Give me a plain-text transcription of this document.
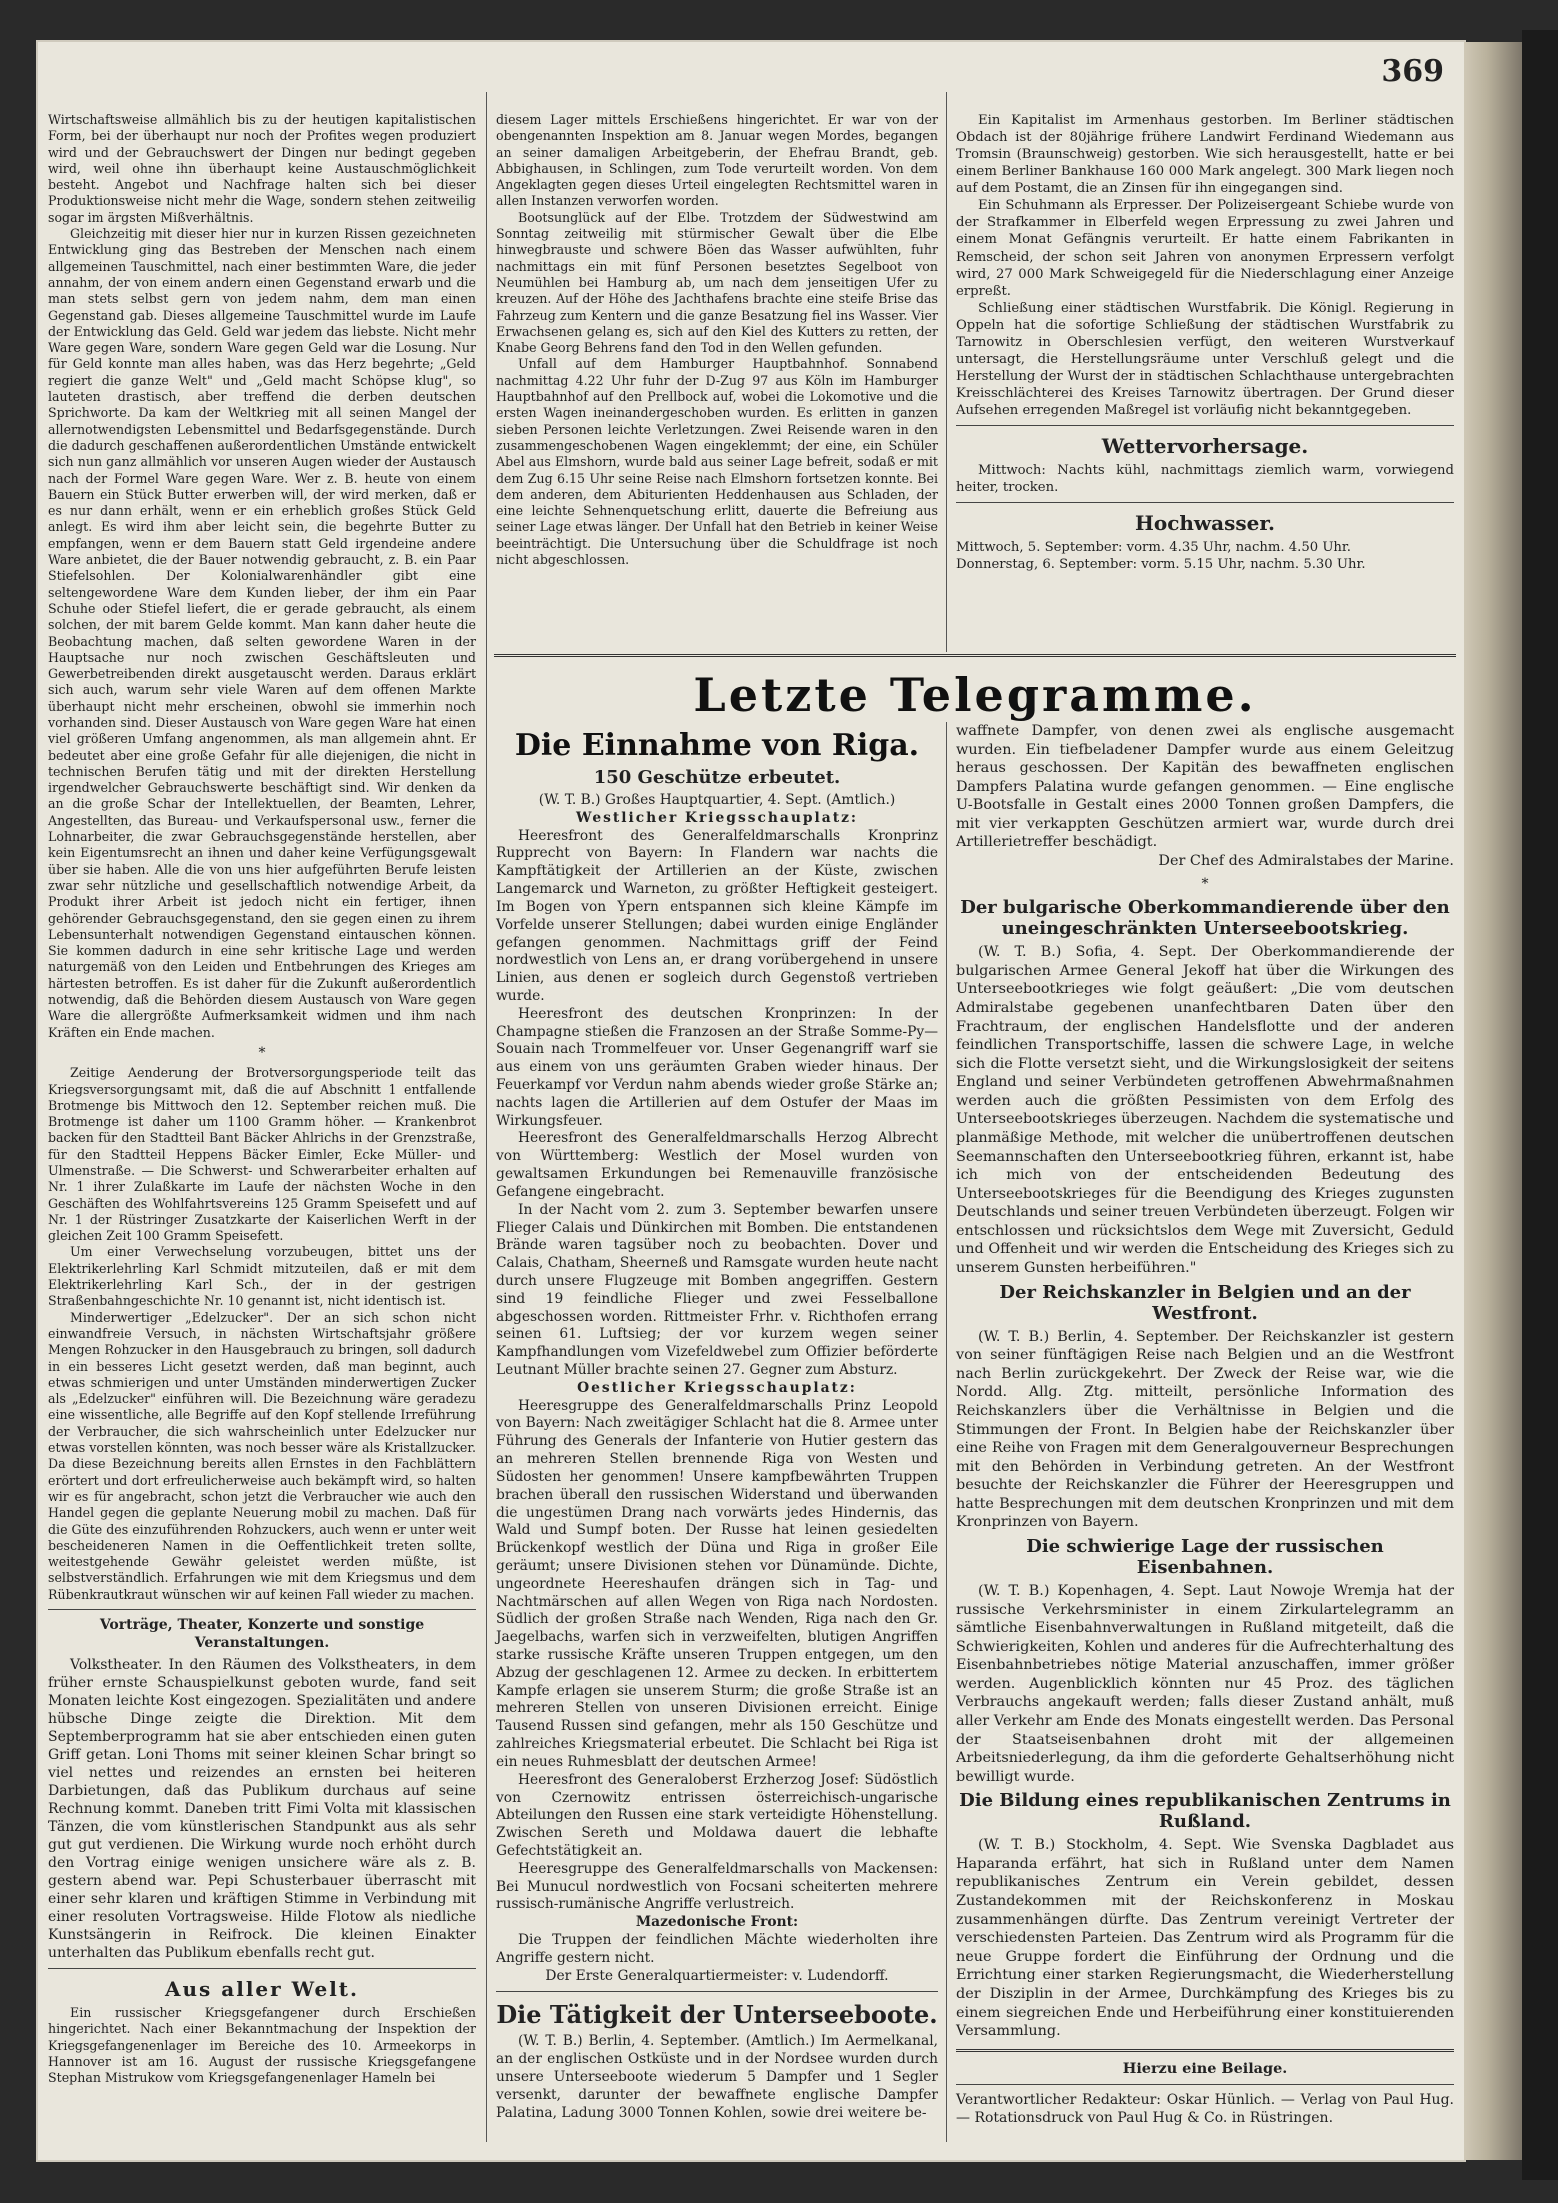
369

Wirtschaftsweise allmählich bis zu der heutigen kapitalistischen Form, bei der überhaupt nur noch der Profites wegen produziert wird und der Gebrauchswert der Dingen nur bedingt gegeben wird, weil ohne ihn überhaupt keine Austauschmöglichkeit besteht. Angebot und Nachfrage halten sich bei dieser Produktionsweise nicht mehr die Wage, sondern stehen zeitweilig sogar im ärgsten Mißverhältnis.

Gleichzeitig mit dieser hier nur in kurzen Rissen gezeichneten Entwicklung ging das Bestreben der Menschen nach einem allgemeinen Tauschmittel, nach einer bestimmten Ware, die jeder annahm, der von einem andern einen Gegenstand erwarb und die man stets selbst gern von jedem nahm, dem man einen Gegenstand gab. Dieses allgemeine Tauschmittel wurde im Laufe der Entwicklung das Geld. Geld war jedem das liebste. Nicht mehr Ware gegen Ware, sondern Ware gegen Geld war die Losung. Nur für Geld konnte man alles haben, was das Herz begehrte; „Geld regiert die ganze Welt" und „Geld macht Schöpse klug", so lauteten drastisch, aber treffend die derben deutschen Sprichworte. Da kam der Weltkrieg mit all seinen Mangel der allernotwendigsten Lebensmittel und Bedarfsgegenstände. Durch die dadurch geschaffenen außerordentlichen Umstände entwickelt sich nun ganz allmählich vor unseren Augen wieder der Austausch nach der Formel Ware gegen Ware. Wer z. B. heute von einem Bauern ein Stück Butter erwerben will, der wird merken, daß er es nur dann erhält, wenn er ein erheblich großes Stück Geld anlegt. Es wird ihm aber leicht sein, die begehrte Butter zu empfangen, wenn er dem Bauern statt Geld irgendeine andere Ware anbietet, die der Bauer notwendig gebraucht, z. B. ein Paar Stiefelsohlen. Der Kolonialwarenhändler gibt eine seltengewordene Ware dem Kunden lieber, der ihm ein Paar Schuhe oder Stiefel liefert, die er gerade gebraucht, als einem solchen, der mit barem Gelde kommt. Man kann daher heute die Beobachtung machen, daß selten gewordene Waren in der Hauptsache nur noch zwischen Geschäftsleuten und Gewerbetreibenden direkt ausgetauscht werden. Daraus erklärt sich auch, warum sehr viele Waren auf dem offenen Markte überhaupt nicht mehr erscheinen, obwohl sie immerhin noch vorhanden sind. Dieser Austausch von Ware gegen Ware hat einen viel größeren Umfang angenommen, als man allgemein ahnt. Er bedeutet aber eine große Gefahr für alle diejenigen, die nicht in technischen Berufen tätig und mit der direkten Herstellung irgendwelcher Gebrauchswerte beschäftigt sind. Wir denken da an die große Schar der Intellektuellen, der Beamten, Lehrer, Angestellten, das Bureau- und Verkaufspersonal usw., ferner die Lohnarbeiter, die zwar Gebrauchsgegenstände herstellen, aber kein Eigentumsrecht an ihnen und daher keine Verfügungsgewalt über sie haben. Alle die von uns hier aufgeführten Berufe leisten zwar sehr nützliche und gesellschaftlich notwendige Arbeit, da Produkt ihrer Arbeit ist jedoch nicht ein fertiger, ihnen gehörender Gebrauchsgegenstand, den sie gegen einen zu ihrem Lebensunterhalt notwendigen Gegenstand eintauschen können. Sie kommen dadurch in eine sehr kritische Lage und werden naturgemäß von den Leiden und Entbehrungen des Krieges am härtesten betroffen. Es ist daher für die Zukunft außerordentlich notwendig, daß die Behörden diesem Austausch von Ware gegen Ware die allergrößte Aufmerksamkeit widmen und ihm nach Kräften ein Ende machen.

*

Zeitige Aenderung der Brotversorgungsperiode teilt das Kriegsversorgungsamt mit, daß die auf Abschnitt 1 entfallende Brotmenge bis Mittwoch den 12. September reichen muß. Die Brotmenge ist daher um 1100 Gramm höher. — Krankenbrot backen für den Stadtteil Bant Bäcker Ahlrichs in der Grenzstraße, für den Stadtteil Heppens Bäcker Eimler, Ecke Müller- und Ulmenstraße. — Die Schwerst- und Schwerarbeiter erhalten auf Nr. 1 ihrer Zulaßkarte im Laufe der nächsten Woche in den Geschäften des Wohlfahrtsvereins 125 Gramm Speisefett und auf Nr. 1 der Rüstringer Zusatzkarte der Kaiserlichen Werft in der gleichen Zeit 100 Gramm Speisefett.

Um einer Verwechselung vorzubeugen, bittet uns der Elektrikerlehrling Karl Schmidt mitzuteilen, daß er mit dem Elektrikerlehrling Karl Sch., der in der gestrigen Straßenbahngeschichte Nr. 10 genannt ist, nicht identisch ist.

Minderwertiger „Edelzucker". Der an sich schon nicht einwandfreie Versuch, in nächsten Wirtschaftsjahr größere Mengen Rohzucker in den Hausgebrauch zu bringen, soll dadurch in ein besseres Licht gesetzt werden, daß man beginnt, auch etwas schmierigen und unter Umständen minderwertigen Zucker als „Edelzucker" einführen will. Die Bezeichnung wäre geradezu eine wissentliche, alle Begriffe auf den Kopf stellende Irreführung der Verbraucher, die sich wahrscheinlich unter Edelzucker nur etwas vorstellen könnten, was noch besser wäre als Kristallzucker. Da diese Bezeichnung bereits allen Ernstes in den Fachblättern erörtert und dort erfreulicherweise auch bekämpft wird, so halten wir es für angebracht, schon jetzt die Verbraucher wie auch den Handel gegen die geplante Neuerung mobil zu machen. Daß für die Güte des einzuführenden Rohzuckers, auch wenn er unter weit bescheideneren Namen in die Oeffentlichkeit treten sollte, weitestgehende Gewähr geleistet werden müßte, ist selbstverständlich. Erfahrungen wie mit dem Kriegsmus und dem Rübenkrautkraut wünschen wir auf keinen Fall wieder zu machen.

Vorträge, Theater, Konzerte und sonstige Veranstaltungen.

Volkstheater. In den Räumen des Volkstheaters, in dem früher ernste Schauspielkunst geboten wurde, fand seit Monaten leichte Kost eingezogen. Spezialitäten und andere hübsche Dinge zeigte die Direktion. Mit dem Septemberprogramm hat sie aber entschieden einen guten Griff getan. Loni Thoms mit seiner kleinen Schar bringt so viel nettes und reizendes an ernsten bei heiteren Darbietungen, daß das Publikum durchaus auf seine Rechnung kommt. Daneben tritt Fimi Volta mit klassischen Tänzen, die vom künstlerischen Standpunkt aus als sehr gut gut verdienen. Die Wirkung wurde noch erhöht durch den Vortrag einige wenigen unsichere wäre als z. B. gestern abend war. Pepi Schusterbauer überrascht mit einer sehr klaren und kräftigen Stimme in Verbindung mit einer resoluten Vortragsweise. Hilde Flotow als niedliche Kunstsängerin in Reifrock. Die kleinen Einakter unterhalten das Publikum ebenfalls recht gut.

Aus aller Welt.

Ein russischer Kriegsgefangener durch Erschießen hingerichtet. Nach einer Bekanntmachung der Inspektion der Kriegsgefangenenlager im Bereiche des 10. Armeekorps in Hannover ist am 16. August der russische Kriegsgefangene Stephan Mistrukow vom Kriegsgefangenenlager Hameln bei

diesem Lager mittels Erschießens hingerichtet. Er war von der obengenannten Inspektion am 8. Januar wegen Mordes, begangen an seiner damaligen Arbeitgeberin, der Ehefrau Brandt, geb. Abbighausen, in Schlingen, zum Tode verurteilt worden. Von dem Angeklagten gegen dieses Urteil eingelegten Rechtsmittel waren in allen Instanzen verworfen worden.

Bootsunglück auf der Elbe. Trotzdem der Südwestwind am Sonntag zeitweilig mit stürmischer Gewalt über die Elbe hinwegbrauste und schwere Böen das Wasser aufwühlten, fuhr nachmittags ein mit fünf Personen besetztes Segelboot von Neumühlen bei Hamburg ab, um nach dem jenseitigen Ufer zu kreuzen. Auf der Höhe des Jachthafens brachte eine steife Brise das Fahrzeug zum Kentern und die ganze Besatzung fiel ins Wasser. Vier Erwachsenen gelang es, sich auf den Kiel des Kutters zu retten, der Knabe Georg Behrens fand den Tod in den Wellen gefunden.

Unfall auf dem Hamburger Hauptbahnhof. Sonnabend nachmittag 4.22 Uhr fuhr der D-Zug 97 aus Köln im Hamburger Hauptbahnhof auf den Prellbock auf, wobei die Lokomotive und die ersten Wagen ineinandergeschoben wurden. Es erlitten in ganzen sieben Personen leichte Verletzungen. Zwei Reisende waren in den zusammengeschobenen Wagen eingeklemmt; der eine, ein Schüler Abel aus Elmshorn, wurde bald aus seiner Lage befreit, sodaß er mit dem Zug 6.15 Uhr seine Reise nach Elmshorn fortsetzen konnte. Bei dem anderen, dem Abiturienten Heddenhausen aus Schladen, der eine leichte Sehnenquetschung erlitt, dauerte die Befreiung aus seiner Lage etwas länger. Der Unfall hat den Betrieb in keiner Weise beeinträchtigt. Die Untersuchung über die Schuldfrage ist noch nicht abgeschlossen.

Ein Kapitalist im Armenhaus gestorben. Im Berliner städtischen Obdach ist der 80jährige frühere Landwirt Ferdinand Wiedemann aus Tromsin (Braunschweig) gestorben. Wie sich herausgestellt, hatte er bei einem Berliner Bankhause 160 000 Mark angelegt. 300 Mark liegen noch auf dem Postamt, die an Zinsen für ihn eingegangen sind.

Ein Schuhmann als Erpresser. Der Polizeisergeant Schiebe wurde von der Strafkammer in Elberfeld wegen Erpressung zu zwei Jahren und einem Monat Gefängnis verurteilt. Er hatte einem Fabrikanten in Remscheid, der schon seit Jahren von anonymen Erpressern verfolgt wird, 27 000 Mark Schweigegeld für die Niederschlagung einer Anzeige erpreßt.

Schließung einer städtischen Wurstfabrik. Die Königl. Regierung in Oppeln hat die sofortige Schließung der städtischen Wurstfabrik zu Tarnowitz in Oberschlesien verfügt, den weiteren Wurstverkauf untersagt, die Herstellungsräume unter Verschluß gelegt und die Herstellung der Wurst der in städtischen Schlachthause untergebrachten Kreisschlächterei des Kreises Tarnowitz übertragen. Der Grund dieser Aufsehen erregenden Maßregel ist vorläufig nicht bekanntgegeben.

Wettervorhersage.

Mittwoch: Nachts kühl, nachmittags ziemlich warm, vorwiegend heiter, trocken.

Hochwasser.

Mittwoch, 5. September: vorm. 4.35 Uhr, nachm. 4.50 Uhr.

Donnerstag, 6. September: vorm. 5.15 Uhr, nachm. 5.30 Uhr.

Letzte Telegramme.
Die Einnahme von Riga.
150 Geschütze erbeutet.

(W. T. B.) Großes Hauptquartier, 4. Sept. (Amtlich.)

Westlicher Kriegsschauplatz:

Heeresfront des Generalfeldmarschalls Kronprinz Rupprecht von Bayern: In Flandern war nachts die Kampftätigkeit der Artillerien an der Küste, zwischen Langemarck und Warneton, zu größter Heftigkeit gesteigert. Im Bogen von Ypern entspannen sich kleine Kämpfe im Vorfelde unserer Stellungen; dabei wurden einige Engländer gefangen genommen. Nachmittags griff der Feind nordwestlich von Lens an, er drang vorübergehend in unsere Linien, aus denen er sogleich durch Gegenstoß vertrieben wurde.

Heeresfront des deutschen Kronprinzen: In der Champagne stießen die Franzosen an der Straße Somme-Py—Souain nach Trommelfeuer vor. Unser Gegenangriff warf sie aus einem von uns geräumten Graben wieder hinaus. Der Feuerkampf vor Verdun nahm abends wieder große Stärke an; nachts lagen die Artillerien auf dem Ostufer der Maas im Wirkungsfeuer.

Heeresfront des Generalfeldmarschalls Herzog Albrecht von Württemberg: Westlich der Mosel wurden von gewaltsamen Erkundungen bei Remenauville französische Gefangene eingebracht.

In der Nacht vom 2. zum 3. September bewarfen unsere Flieger Calais und Dünkirchen mit Bomben. Die entstandenen Brände waren tagsüber noch zu beobachten. Dover und Calais, Chatham, Sheerneß und Ramsgate wurden heute nacht durch unsere Flugzeuge mit Bomben angegriffen. Gestern sind 19 feindliche Flieger und zwei Fesselballone abgeschossen worden. Rittmeister Frhr. v. Richthofen errang seinen 61. Luftsieg; der vor kurzem wegen seiner Kampfhandlungen vom Vizefeldwebel zum Offizier beförderte Leutnant Müller brachte seinen 27. Gegner zum Absturz.

Oestlicher Kriegsschauplatz:

Heeresgruppe des Generalfeldmarschalls Prinz Leopold von Bayern: Nach zweitägiger Schlacht hat die 8. Armee unter Führung des Generals der Infanterie von Hutier gestern das an mehreren Stellen brennende Riga von Westen und Südosten her genommen! Unsere kampfbewährten Truppen brachen überall den russischen Widerstand und überwanden die ungestümen Drang nach vorwärts jedes Hindernis, das Wald und Sumpf boten. Der Russe hat leinen gesiedelten Brückenkopf westlich der Düna und Riga in großer Eile geräumt; unsere Divisionen stehen vor Dünamünde. Dichte, ungeordnete Heereshaufen drängen sich in Tag- und Nachtmärschen auf allen Wegen von Riga nach Nordosten. Südlich der großen Straße nach Wenden, Riga nach den Gr. Jaegelbachs, warfen sich in verzweifelten, blutigen Angriffen starke russische Kräfte unseren Truppen entgegen, um den Abzug der geschlagenen 12. Armee zu decken. In erbittertem Kampfe erlagen sie unserem Sturm; die große Straße ist an mehreren Stellen von unseren Divisionen erreicht. Einige Tausend Russen sind gefangen, mehr als 150 Geschütze und zahlreiches Kriegsmaterial erbeutet. Die Schlacht bei Riga ist ein neues Ruhmesblatt der deutschen Armee!

Heeresfront des Generaloberst Erzherzog Josef: Südöstlich von Czernowitz entrissen österreichisch-ungarische Abteilungen den Russen eine stark verteidigte Höhenstellung. Zwischen Sereth und Moldawa dauert die lebhafte Gefechtstätigkeit an.

Heeresgruppe des Generalfeldmarschalls von Mackensen: Bei Munucul nordwestlich von Focsani scheiterten mehrere russisch-rumänische Angriffe verlustreich.

Mazedonische Front:

Die Truppen der feindlichen Mächte wiederholten ihre Angriffe gestern nicht.

Der Erste Generalquartiermeister: v. Ludendorff.

Die Tätigkeit der Unterseeboote.

(W. T. B.) Berlin, 4. September. (Amtlich.) Im Aermelkanal, an der englischen Ostküste und in der Nordsee wurden durch unsere Unterseeboote wiederum 5 Dampfer und 1 Segler versenkt, darunter der bewaffnete englische Dampfer Palatina, Ladung 3000 Tonnen Kohlen, sowie drei weitere be-

waffnete Dampfer, von denen zwei als englische ausgemacht wurden. Ein tiefbeladener Dampfer wurde aus einem Geleitzug heraus geschossen. Der Kapitän des bewaffneten englischen Dampfers Palatina wurde gefangen genommen. — Eine englische U-Bootsfalle in Gestalt eines 2000 Tonnen großen Dampfers, die mit vier verkappten Geschützen armiert war, wurde durch drei Artillerietreffer beschädigt.

Der Chef des Admiralstabes der Marine.

*
Der bulgarische Oberkommandierende über den uneingeschränkten Unterseebootskrieg.

(W. T. B.) Sofia, 4. Sept. Der Oberkommandierende der bulgarischen Armee General Jekoff hat über die Wirkungen des Unterseebootkrieges wie folgt geäußert: „Die vom deutschen Admiralstabe gegebenen unanfechtbaren Daten über den Frachtraum, der englischen Handelsflotte und der anderen feindlichen Transportschiffe, lassen die schwere Lage, in welche sich die Flotte versetzt sieht, und die Wirkungslosigkeit der seitens England und seiner Verbündeten getroffenen Abwehrmaßnahmen werden auch die größten Pessimisten von dem Erfolg des Unterseebootskrieges überzeugen. Nachdem die systematische und planmäßige Methode, mit welcher die unübertroffenen deutschen Seemannschaften den Unterseebootkrieg führen, erkannt ist, habe ich mich von der entscheidenden Bedeutung des Unterseebootskrieges für die Beendigung des Krieges zugunsten Deutschlands und seiner treuen Verbündeten überzeugt. Folgen wir entschlossen und rücksichtslos dem Wege mit Zuversicht, Geduld und Offenheit und wir werden die Entscheidung des Krieges sich zu unserem Gunsten herbeiführen."

Der Reichskanzler in Belgien und an der Westfront.

(W. T. B.) Berlin, 4. September. Der Reichskanzler ist gestern von seiner fünftägigen Reise nach Belgien und an die Westfront nach Berlin zurückgekehrt. Der Zweck der Reise war, wie die Nordd. Allg. Ztg. mitteilt, persönliche Information des Reichskanzlers über die Verhältnisse in Belgien und die Stimmungen der Front. In Belgien habe der Reichskanzler über eine Reihe von Fragen mit dem Generalgouverneur Besprechungen mit den Behörden in Verbindung getreten. An der Westfront besuchte der Reichskanzler die Führer der Heeresgruppen und hatte Besprechungen mit dem deutschen Kronprinzen und mit dem Kronprinzen von Bayern.

Die schwierige Lage der russischen Eisenbahnen.

(W. T. B.) Kopenhagen, 4. Sept. Laut Nowoje Wremja hat der russische Verkehrsminister in einem Zirkulartelegramm an sämtliche Eisenbahnverwaltungen in Rußland mitgeteilt, daß die Schwierigkeiten, Kohlen und anderes für die Aufrechterhaltung des Eisenbahnbetriebes nötige Material anzuschaffen, immer größer werden. Augenblicklich könnten nur 45 Proz. des täglichen Verbrauchs angekauft werden; falls dieser Zustand anhält, muß aller Verkehr am Ende des Monats eingestellt werden. Das Personal der Staatseisenbahnen droht mit der allgemeinen Arbeitsniederlegung, da ihm die geforderte Gehaltserhöhung nicht bewilligt wurde.

Die Bildung eines republikanischen Zentrums in Rußland.

(W. T. B.) Stockholm, 4. Sept. Wie Svenska Dagbladet aus Haparanda erfährt, hat sich in Rußland unter dem Namen republikanisches Zentrum ein Verein gebildet, dessen Zustandekommen mit der Reichskonferenz in Moskau zusammenhängen dürfte. Das Zentrum vereinigt Vertreter der verschiedensten Parteien. Das Zentrum wird als Programm für die neue Gruppe fordert die Einführung der Ordnung und die Errichtung einer starken Regierungsmacht, die Wiederherstellung der Disziplin in der Armee, Durchkämpfung des Krieges bis zu einem siegreichen Ende und Herbeiführung einer konstituierenden Versammlung.

Hierzu eine Beilage.

Verantwortlicher Redakteur: Oskar Hünlich. — Verlag von Paul Hug. — Rotationsdruck von Paul Hug & Co. in Rüstringen.
